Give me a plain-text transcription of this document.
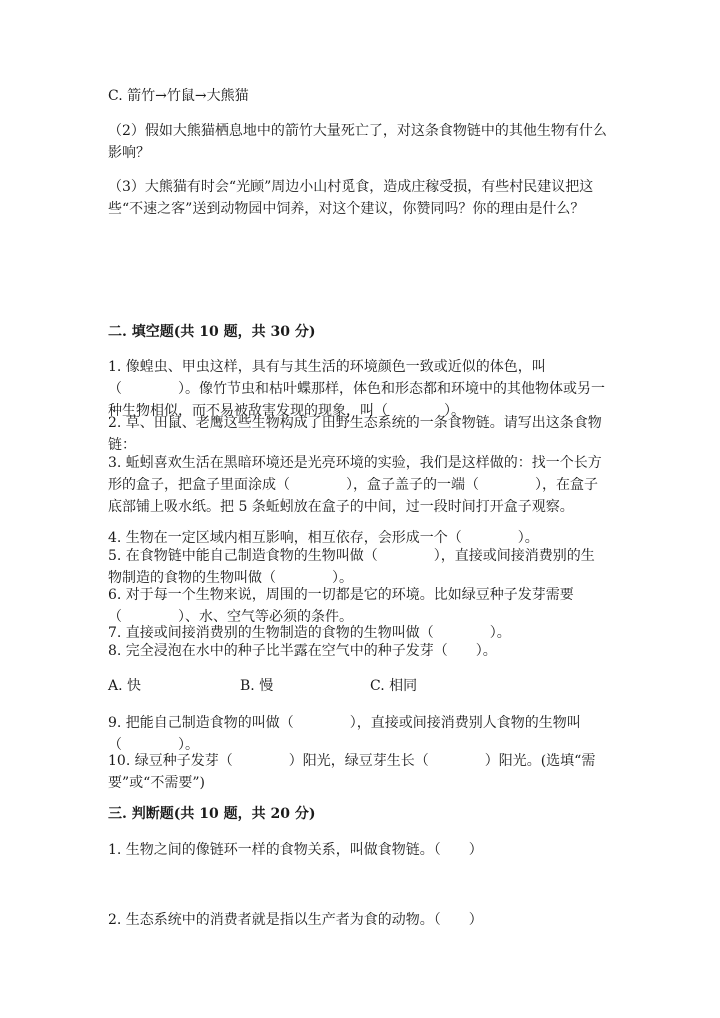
C. 箭竹→竹鼠→大熊猫
（2）假如大熊猫栖息地中的箭竹大量死亡了，对这条食物链中的其他生物有什么影响？
（3）大熊猫有时会“光顾”周边小山村觅食，造成庄稼受损，有些村民建议把这些“不速之客”送到动物园中饲养，对这个建议，你赞同吗？你的理由是什么？
二. 填空题(共 10 题，共 30 分)
1. 像蝗虫、甲虫这样，具有与其生活的环境颜色一致或近似的体色，叫（　　　　）。像竹节虫和枯叶蝶那样，体色和形态都和环境中的其他物体或另一种生物相似，而不易被敌害发现的现象，叫（　　　　）。
2. 草、田鼠、老鹰这些生物构成了田野生态系统的一条食物链。请写出这条食物链：
3. 蚯蚓喜欢生活在黑暗环境还是光亮环境的实验，我们是这样做的：找一个长方形的盒子，把盒子里面涂成（　　　　），盒子盖子的一端（　　　　），在盒子底部铺上吸水纸。把 5 条蚯蚓放在盒子的中间，过一段时间打开盒子观察。
4. 生物在一定区域内相互影响，相互依存，会形成一个（　　　　）。
5. 在食物链中能自己制造食物的生物叫做（　　　　），直接或间接消费别的生物制造的食物的生物叫做（　　　　）。
6. 对于每一个生物来说，周围的一切都是它的环境。比如绿豆种子发芽需要（　　　　）、水、空气等必须的条件。
7. 直接或间接消费别的生物制造的食物的生物叫做（　　　　）。
8. 完全浸泡在水中的种子比半露在空气中的种子发芽（　　）。
A. 快	B. 慢	C. 相同
9. 把能自己制造食物的叫做（　　　　），直接或间接消费别人食物的生物叫（　　　　）。
10. 绿豆种子发芽（　　　　）阳光，绿豆芽生长（　　　　）阳光。(选填“需要”或“不需要”)
三. 判断题(共 10 题，共 20 分)
1. 生物之间的像链环一样的食物关系，叫做食物链。（　　）
2. 生态系统中的消费者就是指以生产者为食的动物。（　　）
